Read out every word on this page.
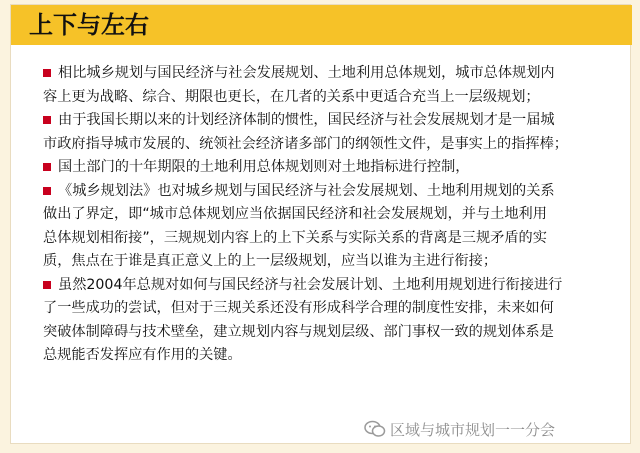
上下与左右
相比城乡规划与国民经济与社会发展规划、土地利用总体规划，城市总体规划内
容上更为战略、综合、期限也更长，在几者的关系中更适合充当上一层级规划；
由于我国长期以来的计划经济体制的惯性，国民经济与社会发展规划才是一届城
市政府指导城市发展的、统领社会经济诸多部门的纲领性文件，是事实上的指挥棒；
国土部门的十年期限的土地利用总体规划则对土地指标进行控制，
《城乡规划法》也对城乡规划与国民经济与社会发展规划、土地利用规划的关系
做出了界定，即“城市总体规划应当依据国民经济和社会发展规划，并与土地利用
总体规划相衔接”，三规规划内容上的上下关系与实际关系的背离是三规矛盾的实
质，焦点在于谁是真正意义上的上一层级规划，应当以谁为主进行衔接；
虽然2004年总规对如何与国民经济与社会发展计划、土地利用规划进行衔接进行
了一些成功的尝试，但对于三规关系还没有形成科学合理的制度性安排，未来如何
突破体制障碍与技术壁垒，建立规划内容与规划层级、部门事权一致的规划体系是
总规能否发挥应有作用的关键。
区域与城市规划一一分会
